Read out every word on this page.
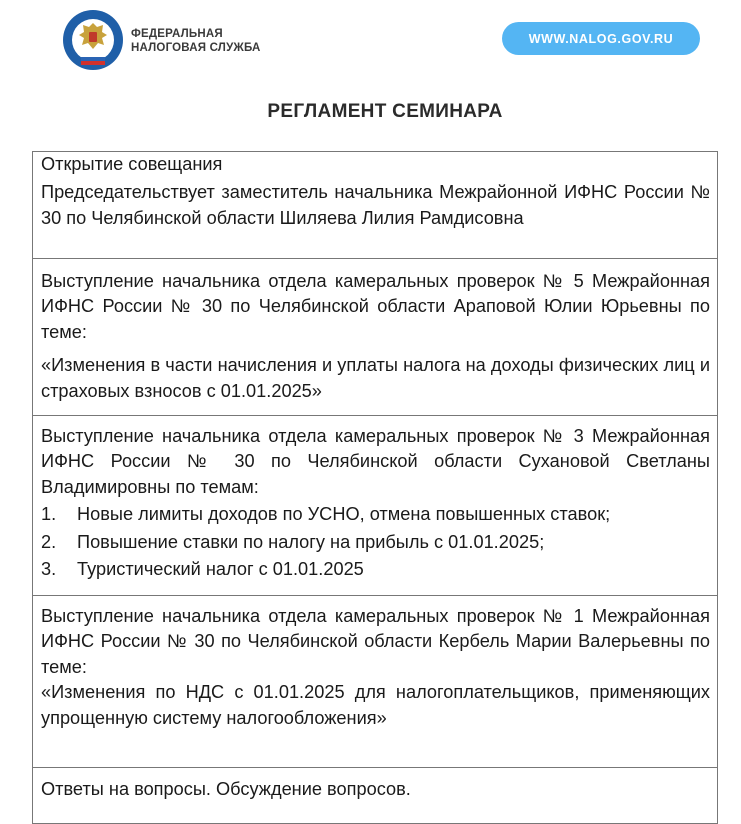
ФЕДЕРАЛЬНАЯ
НАЛОГОВАЯ СЛУЖБА
WWW.NALOG.GOV.RU
РЕГЛАМЕНТ СЕМИНАРА

Открытие совещания

Председательствует заместитель начальника Межрайонной ИФНС России № 30 по Челябинской области Шиляева Лилия Рамдисовна

Выступление начальника отдела камеральных проверок № 5 Межрайонная ИФНС России № 30 по Челябинской области Араповой Юлии Юрьевны по теме:

«Изменения в части начисления и уплаты налога на доходы физических лиц и страховых взносов с 01.01.2025»

Выступление начальника отдела камеральных проверок № 3 Межрайонная ИФНС России № 30 по Челябинской области Сухановой Светланы Владимировны по темам:

1.	Новые лимиты доходов по УСНО, отмена повышенных ставок;
2.	Повышение ставки по налогу на прибыль с 01.01.2025;
3.	Туристический налог с 01.01.2025

Выступление начальника отдела камеральных проверок № 1 Межрайонная ИФНС России № 30 по Челябинской области Кербель Марии Валерьевны по теме:

«Изменения по НДС с 01.01.2025 для налогоплательщиков, применяющих упрощенную систему налогообложения»

Ответы на вопросы. Обсуждение вопросов.
